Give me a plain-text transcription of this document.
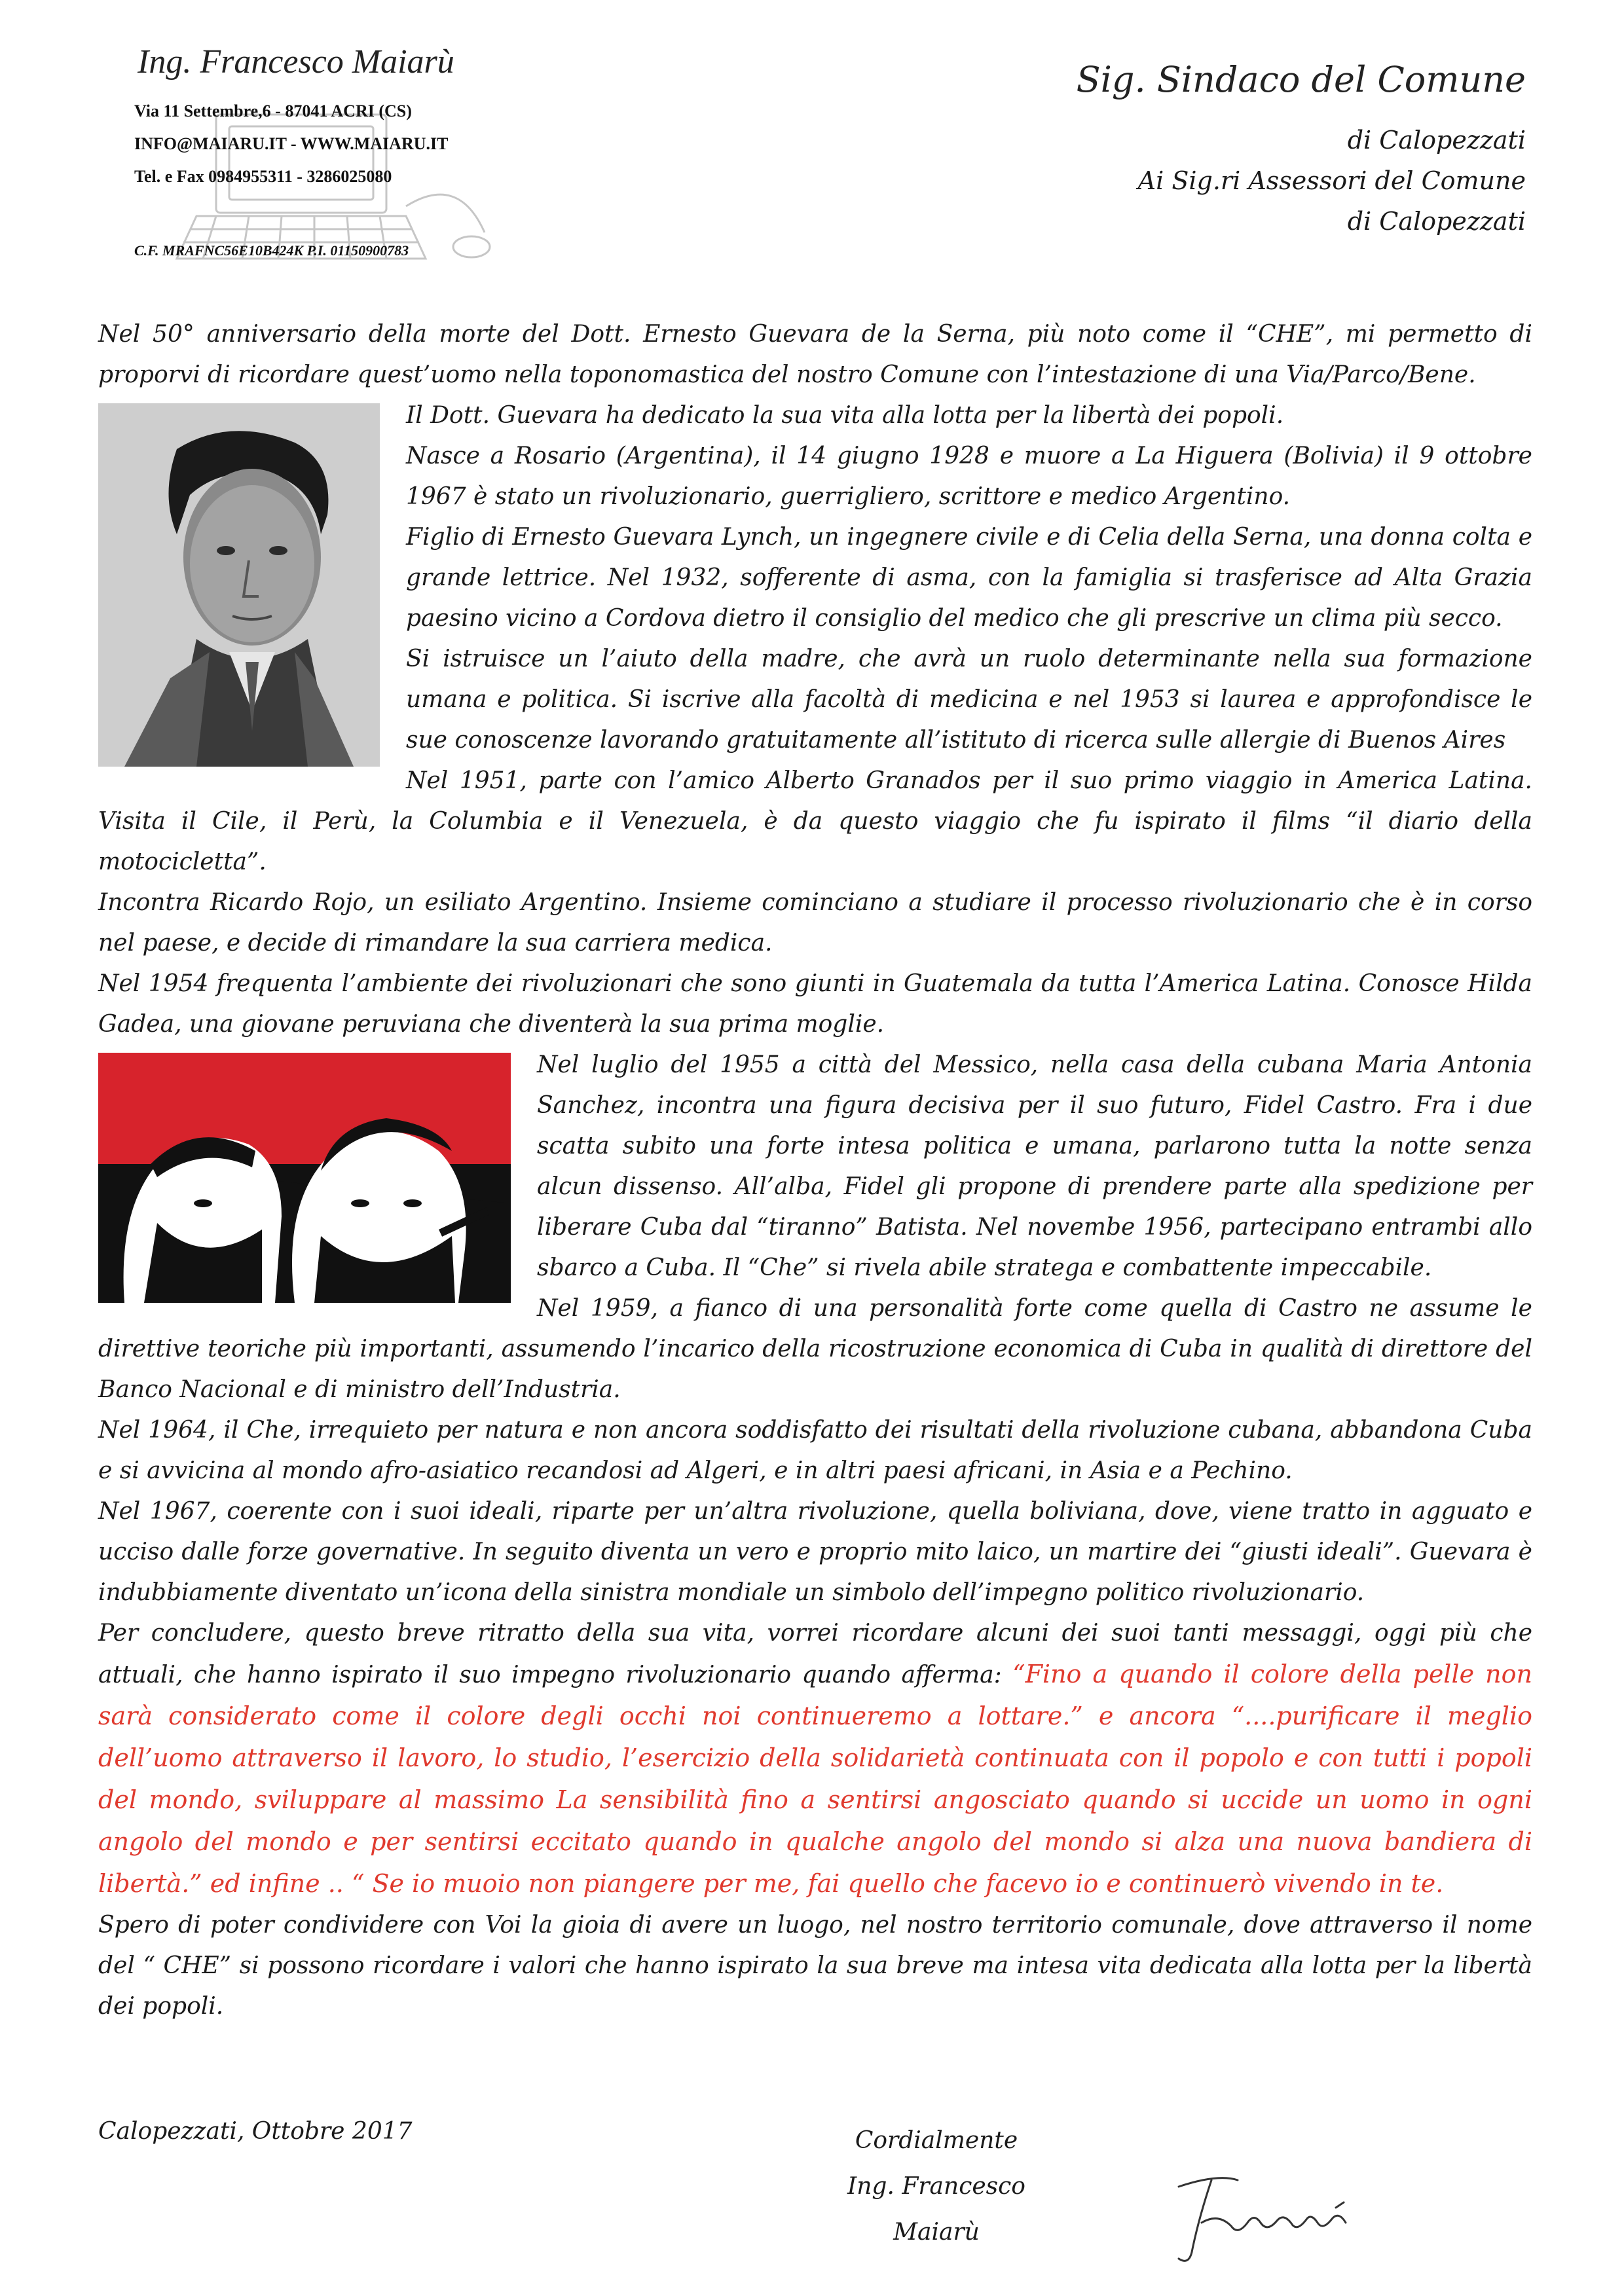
Ing. Francesco Maiarù
Via 11 Settembre,6 - 87041 ACRI (CS)
INFO@MAIARU.IT - WWW.MAIARU.IT
Tel. e Fax 0984955311 - 3286025080
C.F. MRAFNC56E10B424K P.I. 01150900783
Sig. Sindaco del Comune
di Calopezzati
Ai Sig.ri Assessori del Comune
di Calopezzati

Nel 50° anniversario della morte del Dott. Ernesto Guevara de la Serna, più noto come il “CHE”, mi permetto di proporvi di ricordare quest’uomo nella toponomastica del nostro Comune con l’intestazione di una Via/Parco/Bene.

Il Dott. Guevara ha dedicato la sua vita alla lotta per la libertà dei popoli.

Nasce a Rosario (Argentina), il 14 giugno 1928 e muore a La Higuera (Bolivia) il 9 ottobre 1967 è stato un rivoluzionario, guerrigliero, scrittore e medico Argentino.

Figlio di Ernesto Guevara Lynch, un ingegnere civile e di Celia della Serna, una donna colta e grande lettrice. Nel 1932, sofferente di asma, con la famiglia si trasferisce ad Alta Grazia paesino vicino a Cordova dietro il consiglio del medico che gli prescrive un clima più secco.

Si istruisce un l’aiuto della madre, che avrà un ruolo determinante nella sua formazione umana e politica. Si iscrive alla facoltà di medicina e nel 1953 si laurea e approfondisce le sue conoscenze lavorando gratuitamente all’istituto di ricerca sulle allergie di Buenos Aires

Nel 1951, parte con l’amico Alberto Granados per il suo primo viaggio in America Latina. Visita il Cile, il Perù, la Columbia e il Venezuela, è da questo viaggio che fu ispirato il films “il diario della motocicletta”.

Incontra Ricardo Rojo, un esiliato Argentino. Insieme cominciano a studiare il processo rivoluzionario che è in corso nel paese, e decide di rimandare la sua carriera medica.

Nel 1954 frequenta l’ambiente dei rivoluzionari che sono giunti in Guatemala da tutta l’America Latina. Conosce Hilda Gadea, una giovane peruviana che diventerà la sua prima moglie.

Nel luglio del 1955 a città del Messico, nella casa della cubana Maria Antonia Sanchez, incontra una figura decisiva per il suo futuro, Fidel Castro. Fra i due scatta subito una forte intesa politica e umana, parlarono tutta la notte senza alcun dissenso. All’alba, Fidel gli propone di prendere parte alla spedizione per liberare Cuba dal “tiranno” Batista. Nel novembe 1956, partecipano entrambi allo sbarco a Cuba. Il “Che” si rivela abile stratega e combattente impeccabile.

Nel 1959, a fianco di una personalità forte come quella di Castro ne assume le direttive teoriche più importanti, assumendo l’incarico della ricostruzione economica di Cuba in qualità di direttore del Banco Nacional e di ministro dell’Industria.

Nel 1964, il Che, irrequieto per natura e non ancora soddisfatto dei risultati della rivoluzione cubana, abbandona Cuba e si avvicina al mondo afro-asiatico recandosi ad Algeri, e in altri paesi africani, in Asia e a Pechino.

Nel 1967, coerente con i suoi ideali, riparte per un’altra rivoluzione, quella boliviana, dove, viene tratto in agguato e ucciso dalle forze governative. In seguito diventa un vero e proprio mito laico, un martire dei “giusti ideali”. Guevara è indubbiamente diventato un’icona della sinistra mondiale un simbolo dell’impegno politico rivoluzionario.

Per concludere, questo breve ritratto della sua vita, vorrei ricordare alcuni dei suoi tanti messaggi, oggi più che attuali, che hanno ispirato il suo impegno rivoluzionario quando afferma: “Fino a quando il colore della pelle non sarà considerato come il colore degli occhi noi continueremo a lottare.” e ancora “....purificare il meglio dell’uomo attraverso il lavoro, lo studio, l’esercizio della solidarietà continuata con il popolo e con tutti i popoli del mondo, sviluppare al massimo La sensibilità fino a sentirsi angosciato quando si uccide un uomo in ogni angolo del mondo e per sentirsi eccitato quando in qualche angolo del mondo si alza una nuova bandiera di libertà.” ed infine .. “ Se io muoio non piangere per me, fai quello che facevo io e continuerò vivendo in te.

Spero di poter condividere con Voi la gioia di avere un luogo, nel nostro territorio comunale, dove attraverso il nome del “ CHE” si possono ricordare i valori che hanno ispirato la sua breve ma intesa vita dedicata alla lotta per la libertà dei popoli.

Calopezzati, Ottobre 2017	Cordialmente
Ing. Francesco Maiarù
